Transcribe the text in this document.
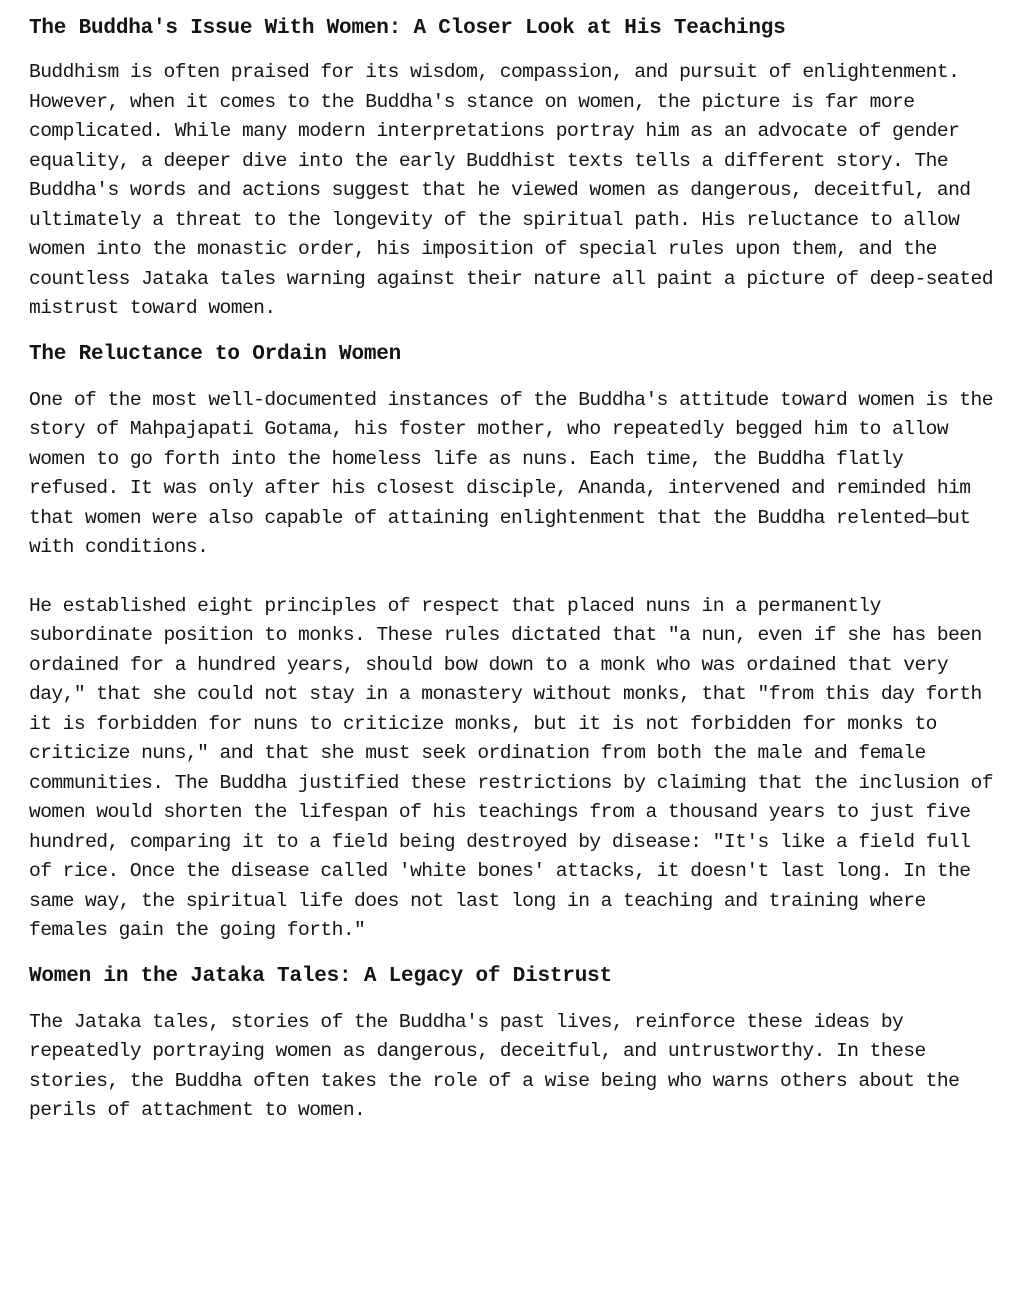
The Buddha's Issue With Women: A Closer Look at His Teachings

Buddhism is often praised for its wisdom, compassion, and pursuit of enlightenment. However, when it comes to the Buddha's stance on women, the picture is far more complicated. While many modern interpretations portray him as an advocate of gender equality, a deeper dive into the early Buddhist texts tells a different story. The Buddha's words and actions suggest that he viewed women as dangerous, deceitful, and ultimately a threat to the longevity of the spiritual path. His reluctance to allow women into the monastic order, his imposition of special rules upon them, and the countless Jataka tales warning against their nature all paint a picture of deep-seated mistrust toward women.

The Reluctance to Ordain Women

One of the most well-documented instances of the Buddha's attitude toward women is the story of Mahpajapati Gotama, his foster mother, who repeatedly begged him to allow women to go forth into the homeless life as nuns. Each time, the Buddha flatly refused. It was only after his closest disciple, Ananda, intervened and reminded him that women were also capable of attaining enlightenment that the Buddha relented—but with conditions.

He established eight principles of respect that placed nuns in a permanently subordinate position to monks. These rules dictated that "a nun, even if she has been ordained for a hundred years, should bow down to a monk who was ordained that very day," that she could not stay in a monastery without monks, that "from this day forth it is forbidden for nuns to criticize monks, but it is not forbidden for monks to criticize nuns," and that she must seek ordination from both the male and female communities. The Buddha justified these restrictions by claiming that the inclusion of women would shorten the lifespan of his teachings from a thousand years to just five hundred, comparing it to a field being destroyed by disease: "It's like a field full of rice. Once the disease called 'white bones' attacks, it doesn't last long. In the same way, the spiritual life does not last long in a teaching and training where females gain the going forth."

Women in the Jataka Tales: A Legacy of Distrust

The Jataka tales, stories of the Buddha's past lives, reinforce these ideas by repeatedly portraying women as dangerous, deceitful, and untrustworthy. In these stories, the Buddha often takes the role of a wise being who warns others about the perils of attachment to women.
